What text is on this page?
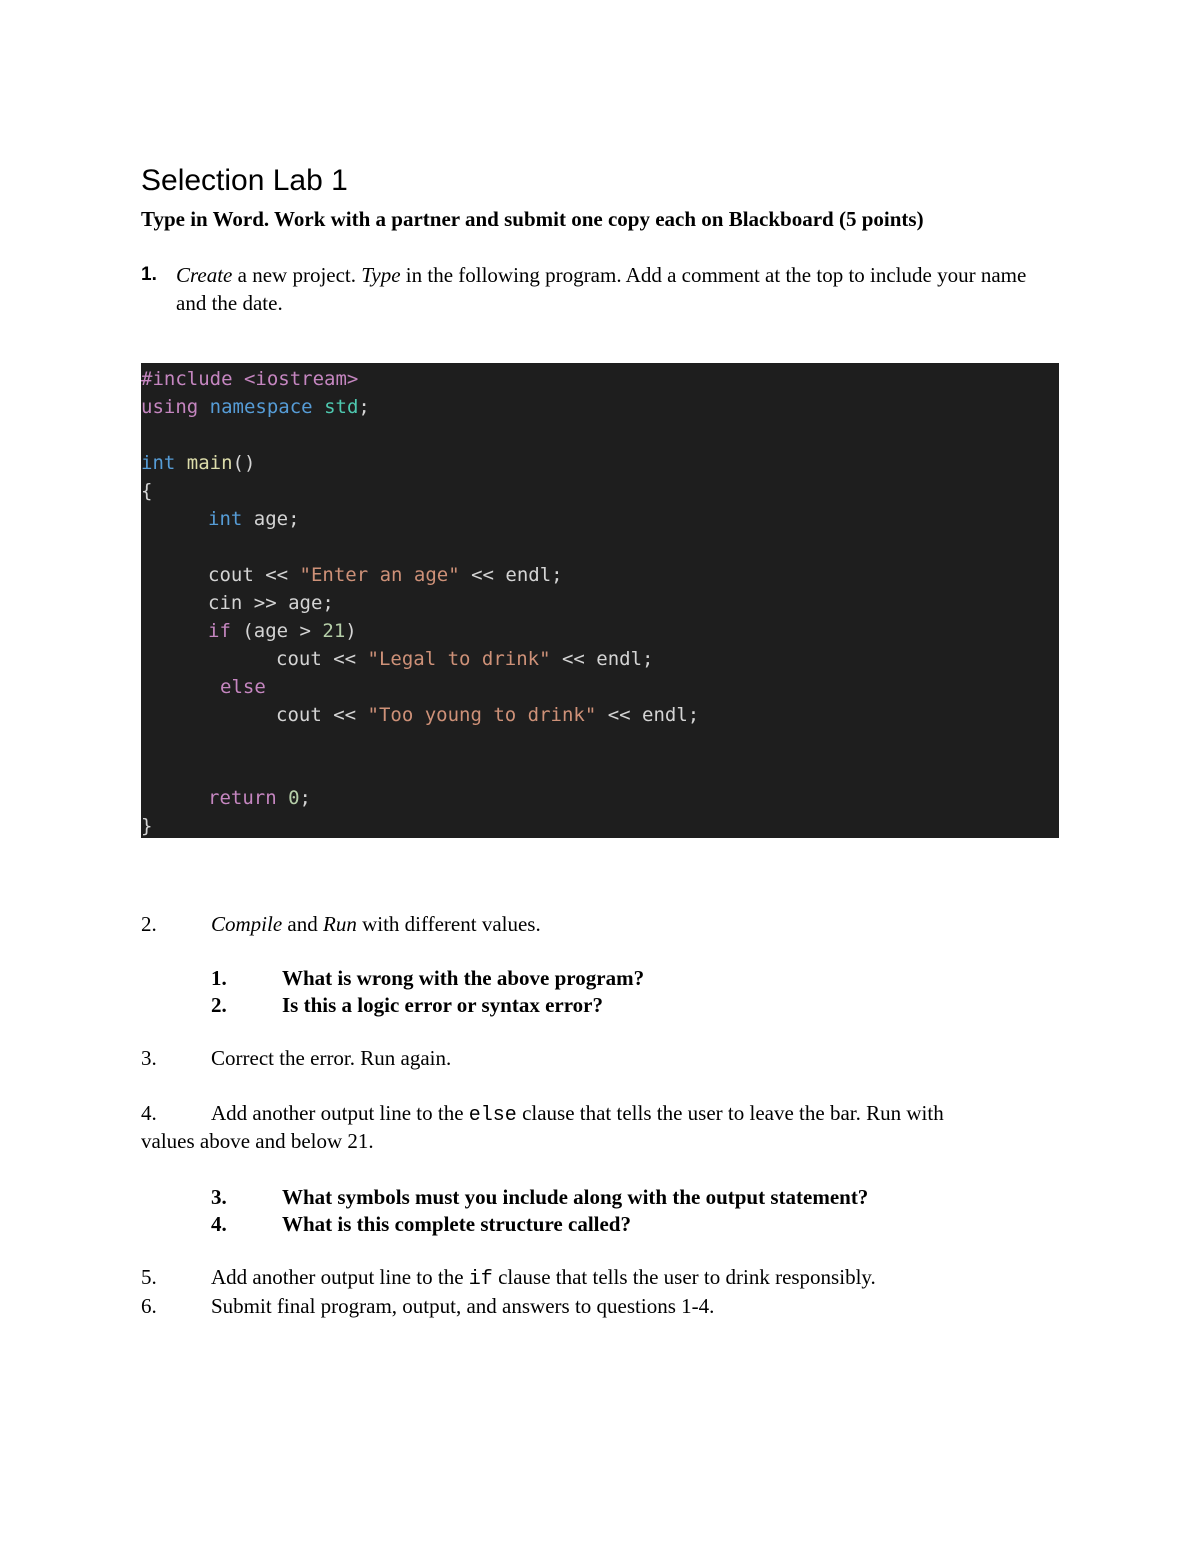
Selection Lab 1
Type in Word. Work with a partner and submit one copy each on Blackboard (5 points)
1. Create a new project. Type in the following program. Add a comment at the top to include your name and the date.
#include <iostream>
using namespace std;
int main()
{
int age;
cout << "Enter an age" << endl;
cin >> age;
if (age > 21)
cout << "Legal to drink" << endl;
else
cout << "Too young to drink" << endl;
return 0;
}
2.	Compile and Run with different values.
1.	What is wrong with the above program?
2.	Is this a logic error or syntax error?
3.	Correct the error. Run again.
4.	Add another output line to the else clause that tells the user to leave the bar. Run with
values above and below 21.
3.	What symbols must you include along with the output statement?
4.	What is this complete structure called?
5.	Add another output line to the if clause that tells the user to drink responsibly.
6.	Submit final program, output, and answers to questions 1-4.
